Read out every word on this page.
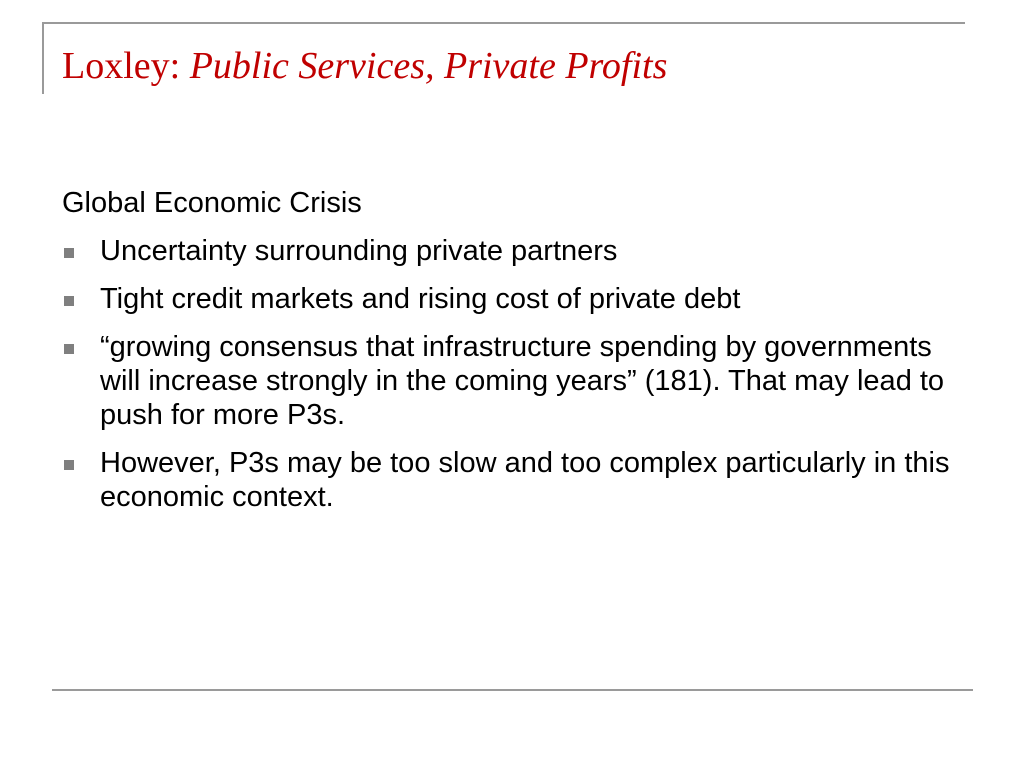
Loxley: Public Services, Private Profits

Global Economic Crisis

Uncertainty surrounding private partners
Tight credit markets and rising cost of private debt
“growing consensus that infrastructure spending by governments will increase strongly in the coming years” (181). That may lead to push for more P3s.
However, P3s may be too slow and too complex particularly in this economic context.
